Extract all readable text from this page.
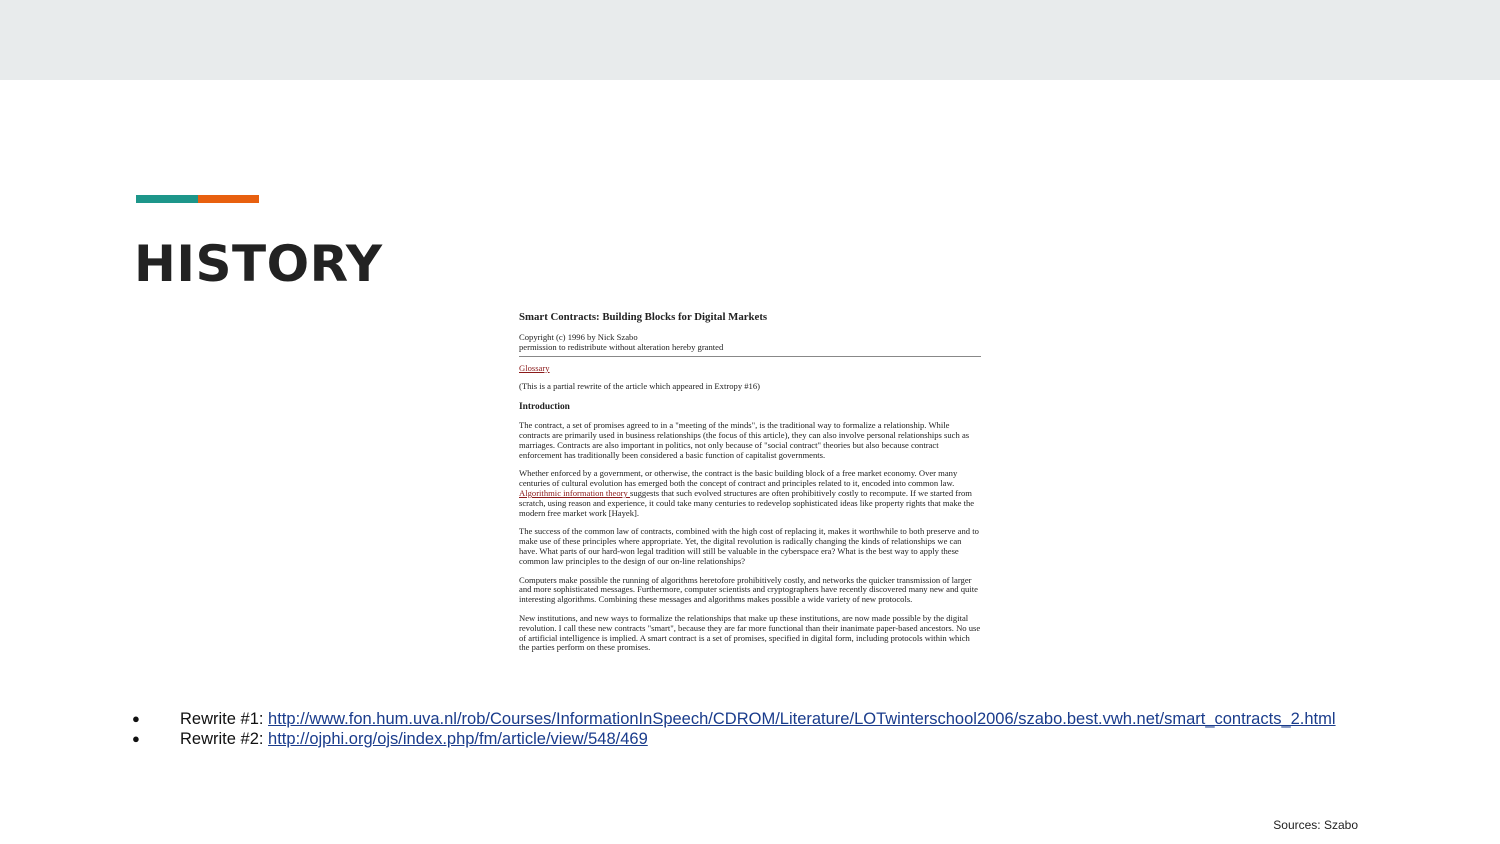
HISTORY

Smart Contracts: Building Blocks for Digital Markets

Copyright (c) 1996 by Nick Szabo
permission to redistribute without alteration hereby granted

Glossary

(This is a partial rewrite of the article which appeared in Extropy #16)

Introduction

The contract, a set of promises agreed to in a "meeting of the minds", is the traditional way to formalize a relationship. While contracts are primarily used in business relationships (the focus of this article), they can also involve personal relationships such as marriages. Contracts are also important in politics, not only because of "social contract" theories but also because contract enforcement has traditionally been considered a basic function of capitalist governments.

Whether enforced by a government, or otherwise, the contract is the basic building block of a free market economy. Over many centuries of cultural evolution has emerged both the concept of contract and principles related to it, encoded into common law. Algorithmic information theory suggests that such evolved structures are often prohibitively costly to recompute. If we started from scratch, using reason and experience, it could take many centuries to redevelop sophisticated ideas like property rights that make the modern free market work [Hayek].

The success of the common law of contracts, combined with the high cost of replacing it, makes it worthwhile to both preserve and to make use of these principles where appropriate. Yet, the digital revolution is radically changing the kinds of relationships we can have. What parts of our hard-won legal tradition will still be valuable in the cyberspace era? What is the best way to apply these common law principles to the design of our on-line relationships?

Computers make possible the running of algorithms heretofore prohibitively costly, and networks the quicker transmission of larger and more sophisticated messages. Furthermore, computer scientists and cryptographers have recently discovered many new and quite interesting algorithms. Combining these messages and algorithms makes possible a wide variety of new protocols.

New institutions, and new ways to formalize the relationships that make up these institutions, are now made possible by the digital revolution. I call these new contracts "smart", because they are far more functional than their inanimate paper-based ancestors. No use of artificial intelligence is implied. A smart contract is a set of promises, specified in digital form, including protocols within which the parties perform on these promises.

● Rewrite #1: http://www.fon.hum.uva.nl/rob/Courses/InformationInSpeech/CDROM/Literature/LOTwinterschool2006/szabo.best.vwh.net/smart_contracts_2.html
● Rewrite #2: http://ojphi.org/ojs/index.php/fm/article/view/548/469
Sources: Szabo
